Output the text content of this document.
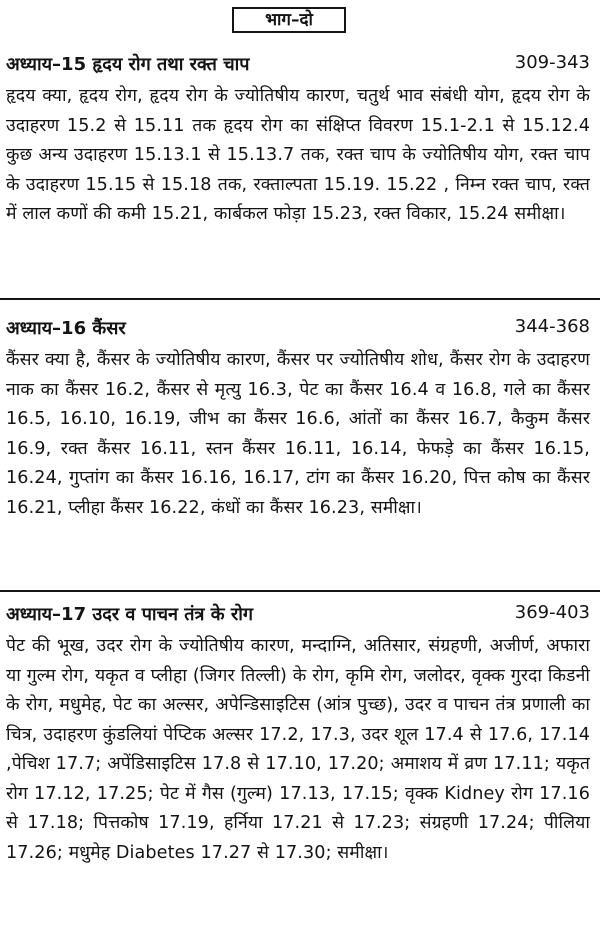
भाग–दो
अध्याय–15 हृदय रोग तथा रक्त चाप	309-343

हृदय क्या, हृदय रोग, हृदय रोग के ज्योतिषीय कारण, चतुर्थ भाव संबंधी योग, हृदय रोग के उदाहरण 15.2 से 15.11 तक हृदय रोग का संक्षिप्त विवरण 15.1-2.1 से 15.12.4 कुछ अन्य उदाहरण 15.13.1 से 15.13.7 तक, रक्त चाप के ज्योतिषीय योग, रक्त चाप के उदाहरण 15.15 से 15.18 तक, रक्ताल्पता 15.19. 15.22 , निम्न रक्त चाप, रक्त में लाल कणों की कमी 15.21, कार्बकल फोड़ा 15.23, रक्त विकार, 15.24 समीक्षा।

अध्याय–16 कैंसर	344-368

कैंसर क्या है, कैंसर के ज्योतिषीय कारण, कैंसर पर ज्योतिषीय शोध, कैंसर रोग के उदाहरण नाक का कैंसर 16.2, कैंसर से मृत्यु 16.3, पेट का कैंसर 16.4 व 16.8, गले का कैंसर 16.5, 16.10, 16.19, जीभ का कैंसर 16.6, आंतों का कैंसर 16.7, कैकुम कैंसर 16.9, रक्त कैंसर 16.11, स्तन कैंसर 16.11, 16.14, फेफड़े का कैंसर 16.15, 16.24, गुप्तांग का कैंसर 16.16, 16.17, टांग का कैंसर 16.20, पित्त कोष का कैंसर 16.21, प्लीहा कैंसर 16.22, कंधों का कैंसर 16.23, समीक्षा।

अध्याय–17 उदर व पाचन तंत्र के रोग	369-403

पेट की भूख, उदर रोग के ज्योतिषीय कारण, मन्दाग्नि, अतिसार, संग्रहणी, अजीर्ण, अफारा या गुल्म रोग, यकृत व प्लीहा (जिगर तिल्ली) के रोग, कृमि रोग, जलोदर, वृक्क गुरदा किडनी के रोग, मधुमेह, पेट का अल्सर, अपेन्डिसाइटिस (आंत्र पुच्छ), उदर व पाचन तंत्र प्रणाली का चित्र, उदाहरण कुंडलियां पेप्टिक अल्सर 17.2, 17.3, उदर शूल 17.4 से 17.6, 17.14 ,पेचिश 17.7; अपेंडिसाइटिस 17.8 से 17.10, 17.20; अमाशय में व्रण 17.11; यकृत रोग 17.12, 17.25; पेट में गैस (गुल्म) 17.13, 17.15; वृक्क Kidney रोग 17.16 से 17.18; पित्तकोष 17.19, हर्निया 17.21 से 17.23; संग्रहणी 17.24; पीलिया 17.26; मधुमेह Diabetes 17.27 से 17.30; समीक्षा।
